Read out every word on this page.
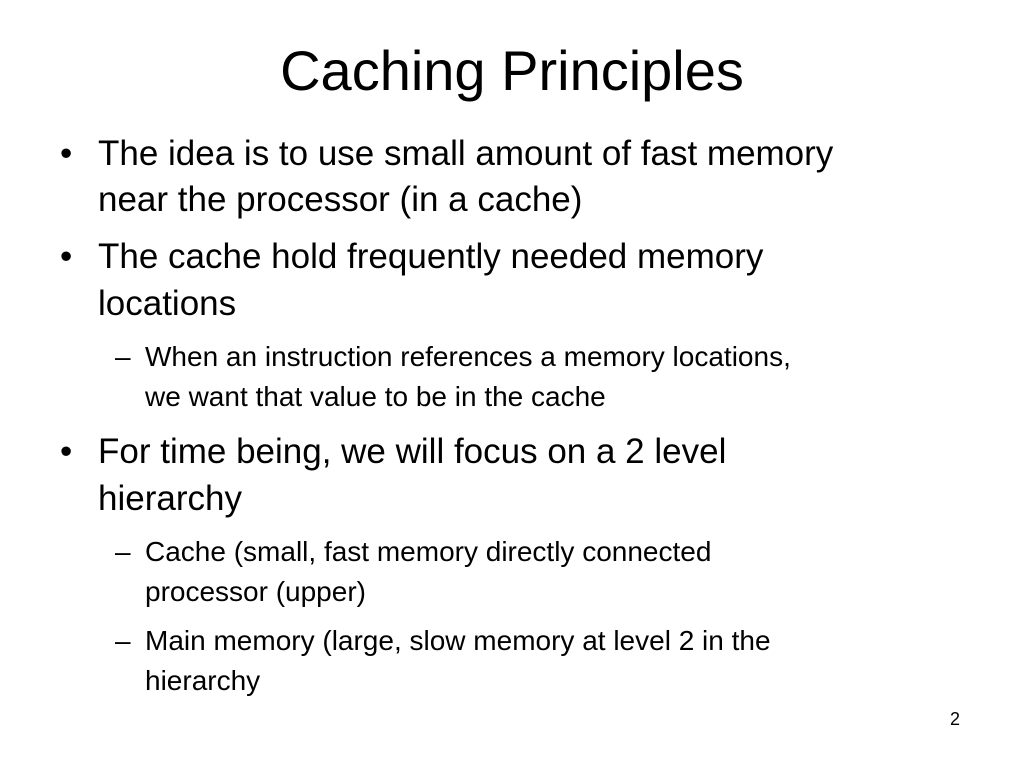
Caching Principles
• The idea is to use small amount of fast memory
near the processor (in a cache)
• The cache hold frequently needed memory
locations
– When an instruction references a memory locations,
we want that value to be in the cache
• For time being, we will focus on a 2 level
hierarchy
– Cache (small, fast memory directly connected
processor (upper)
– Main memory (large, slow memory at level 2 in the
hierarchy
2
